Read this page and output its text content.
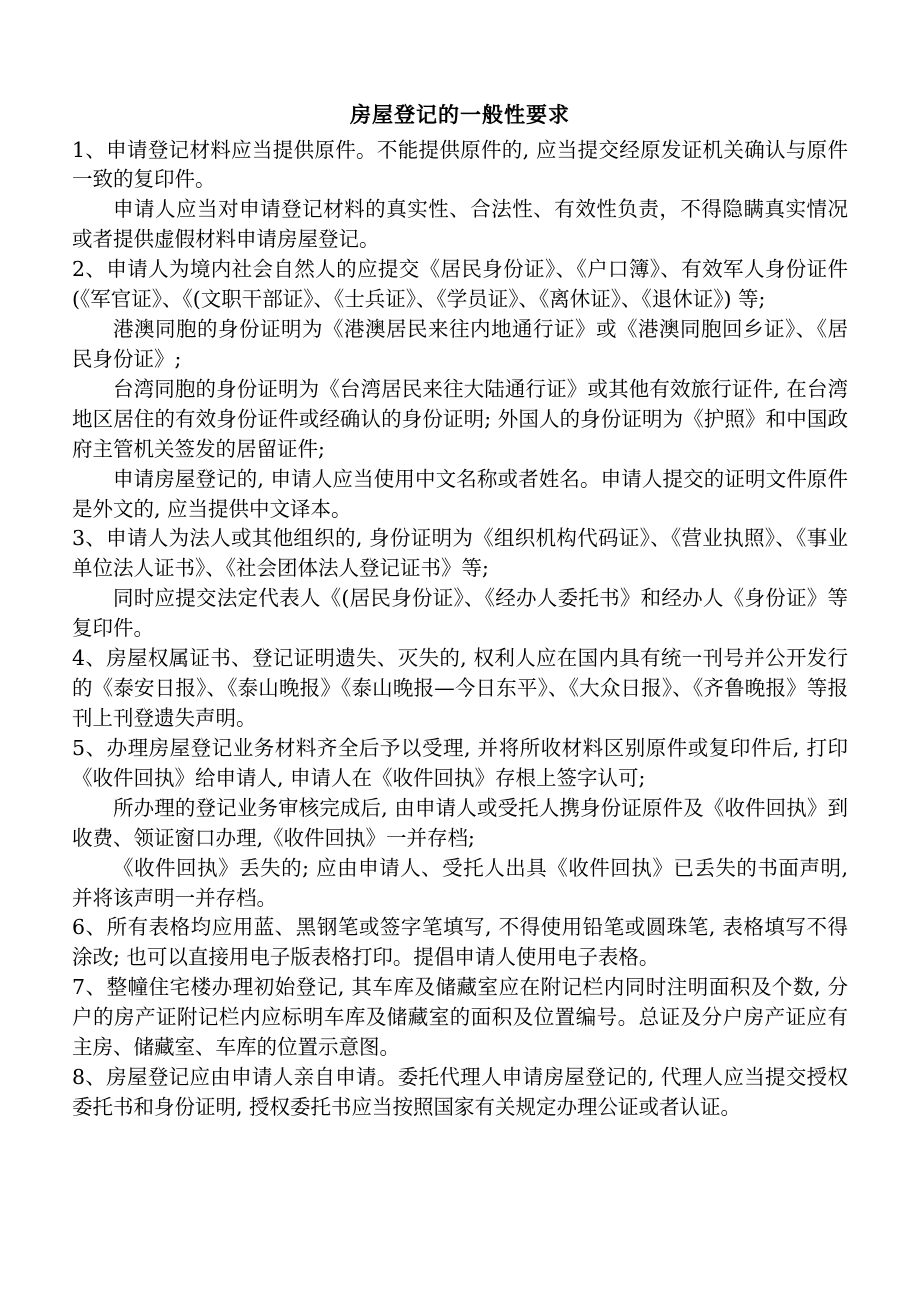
房屋登记的一般性要求

1、申请登记材料应当提供原件。不能提供原件的, 应当提交经原发证机关确认与原件一致的复印件。

申请人应当对申请登记材料的真实性、合法性、有效性负责，不得隐瞒真实情况或者提供虚假材料申请房屋登记。

2、申请人为境内社会自然人的应提交《居民身份证》、《户口簿》、有效军人身份证件(《军官证》、《(文职干部证》、《士兵证》、《学员证》、《离休证》、《退休证》) 等;

港澳同胞的身份证明为《港澳居民来往内地通行证》或《港澳同胞回乡证》、《居民身份证》;

台湾同胞的身份证明为《台湾居民来往大陆通行证》或其他有效旅行证件, 在台湾地区居住的有效身份证件或经确认的身份证明; 外国人的身份证明为《护照》和中国政府主管机关签发的居留证件;

申请房屋登记的, 申请人应当使用中文名称或者姓名。申请人提交的证明文件原件是外文的, 应当提供中文译本。

3、申请人为法人或其他组织的, 身份证明为《组织机构代码证》、《营业执照》、《事业单位法人证书》、《社会团体法人登记证书》等;

同时应提交法定代表人《(居民身份证》、《经办人委托书》和经办人《身份证》等复印件。

4、房屋权属证书、登记证明遗失、灭失的, 权利人应在国内具有统一刊号并公开发行的《泰安日报》、《泰山晚报》《泰山晚报—今日东平》、《大众日报》、《齐鲁晚报》等报刊上刊登遗失声明。

5、办理房屋登记业务材料齐全后予以受理, 并将所收材料区别原件或复印件后, 打印《收件回执》给申请人, 申请人在《收件回执》存根上签字认可;

所办理的登记业务审核完成后, 由申请人或受托人携身份证原件及《收件回执》到收费、领证窗口办理,《收件回执》一并存档;

《收件回执》丢失的; 应由申请人、受托人出具《收件回执》已丢失的书面声明, 并将该声明一并存档。

6、所有表格均应用蓝、黑钢笔或签字笔填写, 不得使用铅笔或圆珠笔, 表格填写不得涂改; 也可以直接用电子版表格打印。提倡申请人使用电子表格。

7、整幢住宅楼办理初始登记, 其车库及储藏室应在附记栏内同时注明面积及个数, 分户的房产证附记栏内应标明车库及储藏室的面积及位置编号。总证及分户房产证应有主房、储藏室、车库的位置示意图。

8、房屋登记应由申请人亲自申请。委托代理人申请房屋登记的, 代理人应当提交授权委托书和身份证明, 授权委托书应当按照国家有关规定办理公证或者认证。
